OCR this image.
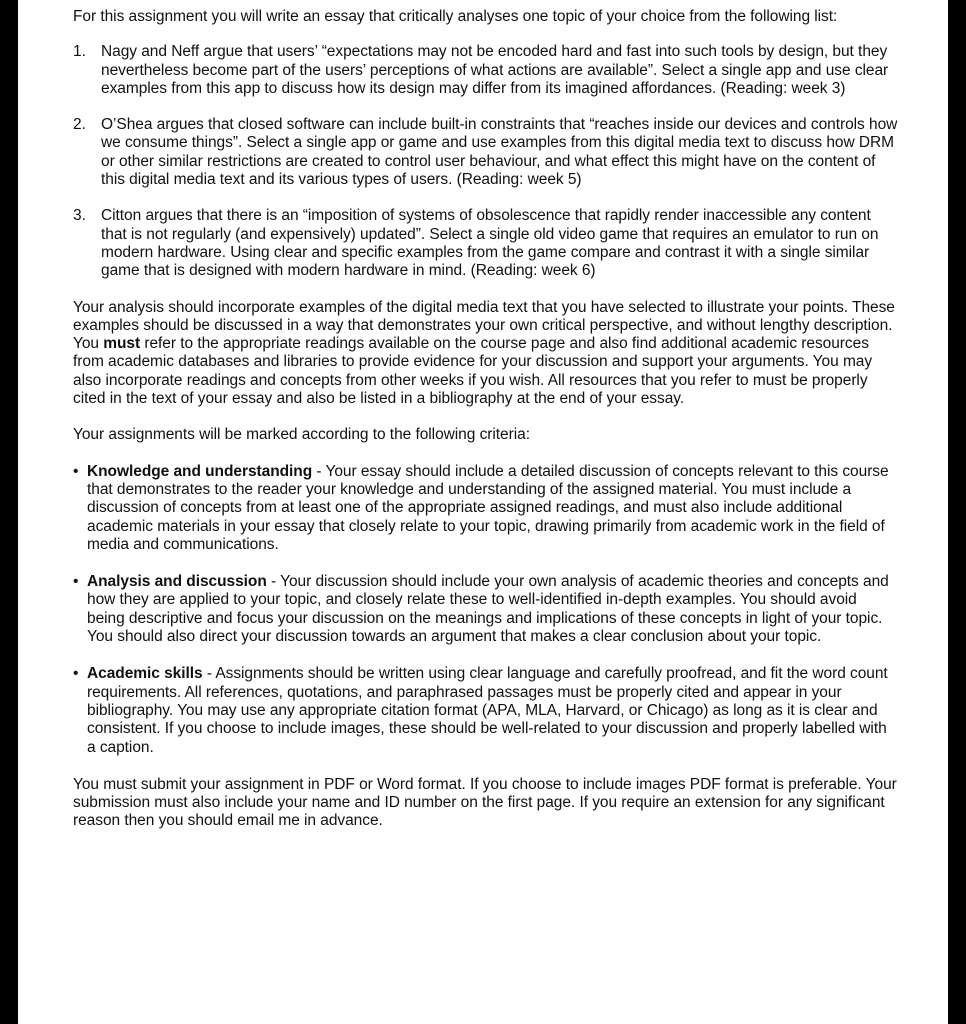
For this assignment you will write an essay that critically analyses one topic of your choice from the following list:

1. Nagy and Neff argue that users’ “expectations may not be encoded hard and fast into such tools by design, but they nevertheless become part of the users’ perceptions of what actions are available”. Select a single app and use clear examples from this app to discuss how its design may differ from its imagined affordances. (Reading: week 3)
2. O’Shea argues that closed software can include built-in constraints that “reaches inside our devices and controls how we consume things”. Select a single app or game and use examples from this digital media text to discuss how DRM or other similar restrictions are created to control user behaviour, and what effect this might have on the content of this digital media text and its various types of users. (Reading: week 5)
3. Citton argues that there is an “imposition of systems of obsolescence that rapidly render inaccessible any content that is not regularly (and expensively) updated”. Select a single old video game that requires an emulator to run on modern hardware. Using clear and specific examples from the game compare and contrast it with a single similar game that is designed with modern hardware in mind. (Reading: week 6)

Your analysis should incorporate examples of the digital media text that you have selected to illustrate your points. These examples should be discussed in a way that demonstrates your own critical perspective, and without lengthy description. You must refer to the appropriate readings available on the course page and also find additional academic resources from academic databases and libraries to provide evidence for your discussion and support your arguments. You may also incorporate readings and concepts from other weeks if you wish. All resources that you refer to must be properly cited in the text of your essay and also be listed in a bibliography at the end of your essay.

Your assignments will be marked according to the following criteria:

• Knowledge and understanding - Your essay should include a detailed discussion of concepts relevant to this course that demonstrates to the reader your knowledge and understanding of the assigned material. You must include a discussion of concepts from at least one of the appropriate assigned readings, and must also include additional academic materials in your essay that closely relate to your topic, drawing primarily from academic work in the field of media and communications.
• Analysis and discussion - Your discussion should include your own analysis of academic theories and concepts and how they are applied to your topic, and closely relate these to well-identified in-depth examples. You should avoid being descriptive and focus your discussion on the meanings and implications of these concepts in light of your topic. You should also direct your discussion towards an argument that makes a clear conclusion about your topic.
• Academic skills - Assignments should be written using clear language and carefully proofread, and fit the word count requirements. All references, quotations, and paraphrased passages must be properly cited and appear in your bibliography. You may use any appropriate citation format (APA, MLA, Harvard, or Chicago) as long as it is clear and consistent. If you choose to include images, these should be well-related to your discussion and properly labelled with a caption.

You must submit your assignment in PDF or Word format. If you choose to include images PDF format is preferable. Your submission must also include your name and ID number on the first page. If you require an extension for any significant reason then you should email me in advance.
